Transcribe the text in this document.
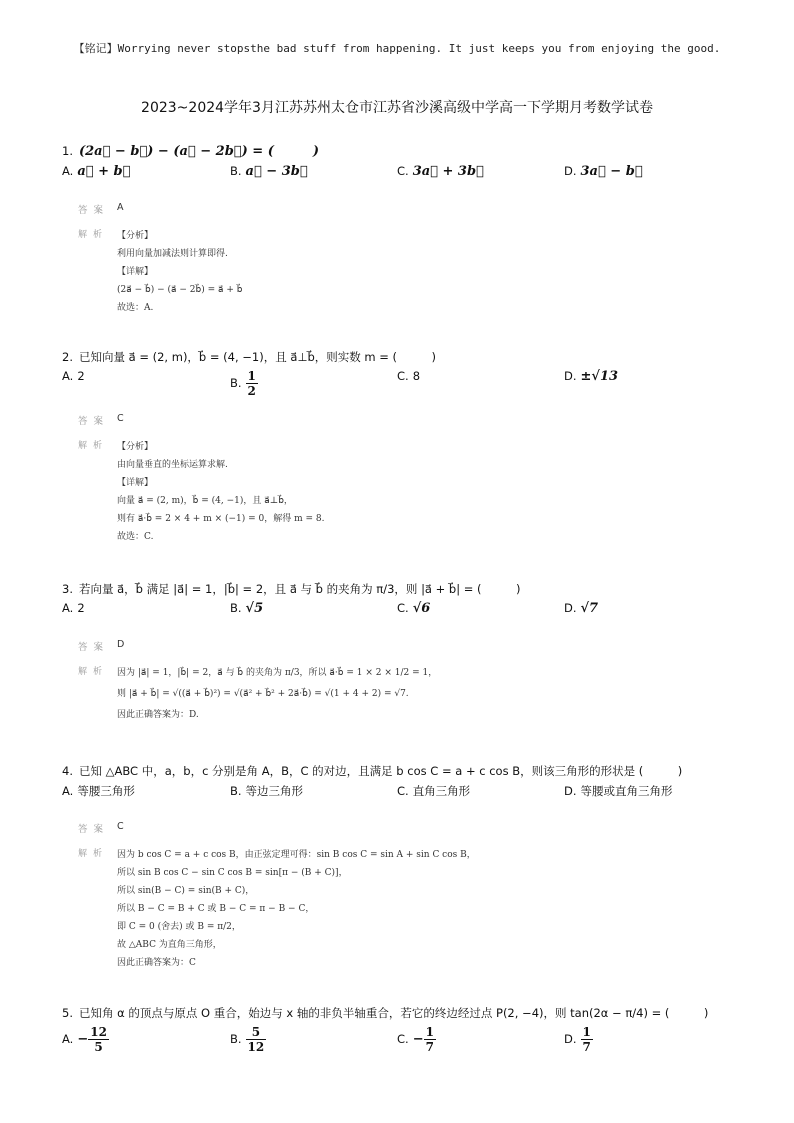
【铭记】Worrying never stopsthe bad stuff from happening. It just keeps you from enjoying the good.
2023~2024学年3月江苏苏州太仓市江苏省沙溪高级中学高一下学期月考数学试卷
1. (2a⃗ − b⃗) − (a⃗ − 2b⃗) = (　　　)
A. a⃗ + b⃗	B. a⃗ − 3b⃗	C. 3a⃗ + 3b⃗	D. 3a⃗ − b⃗
答案 A
解析 【分析】
利用向量加减法则计算即得.
【详解】
(2a⃗ − b⃗) − (a⃗ − 2b⃗) = a⃗ + b⃗
故选：A.
2. 已知向量 a⃗ = (2, m)，b⃗ = (4, −1)，且 a⃗⊥b⃗，则实数 m = (　　　)
A. 2	B. $\frac{1}{2}$	C. 8	D. ±√13
答案 C
解析 【分析】
由向量垂直的坐标运算求解.
【详解】
向量 a⃗ = (2, m)，b⃗ = (4, −1)，且 a⃗⊥b⃗，
则有 a⃗·b⃗ = 2 × 4 + m × (−1) = 0，解得 m = 8.
故选：C.
3. 若向量 a⃗，b⃗ 满足 |a⃗| = 1，|b⃗| = 2，且 a⃗ 与 b⃗ 的夹角为 π/3，则 |a⃗ + b⃗| = (　　　)
A. 2	B. √5	C. √6	D. √7
答案 D
解析 因为 |a⃗| = 1，|b⃗| = 2，a⃗ 与 b⃗ 的夹角为 π/3，所以 a⃗·b⃗ = 1 × 2 × 1/2 = 1，
则 |a⃗ + b⃗| = √((a⃗ + b⃗)²) = √(a⃗² + b⃗² + 2a⃗·b⃗) = √(1 + 4 + 2) = √7.
因此正确答案为：D.
4. 已知 △ABC 中，a，b，c 分别是角 A，B，C 的对边，且满足 b cos C = a + c cos B，则该三角形的形状是 (　　　)
A. 等腰三角形	B. 等边三角形	C. 直角三角形	D. 等腰或直角三角形
答案 C
解析 因为 b cos C = a + c cos B，由正弦定理可得：sin B cos C = sin A + sin C cos B，
所以 sin B cos C − sin C cos B = sin[π − (B + C)]，
所以 sin(B − C) = sin(B + C)，
所以 B − C = B + C 或 B − C = π − B − C，
即 C = 0 (舍去) 或 B = π/2，
故 △ABC 为直角三角形，
因此正确答案为：C
5. 已知角 α 的顶点与原点 O 重合，始边与 x 轴的非负半轴重合，若它的终边经过点 P(2, −4)，则 tan(2α − π/4) = (　　　)
A. − $\frac{12}{5}$	B. $\frac{5}{12}$	C. − $\frac{1}{7}$	D. $\frac{1}{7}$
